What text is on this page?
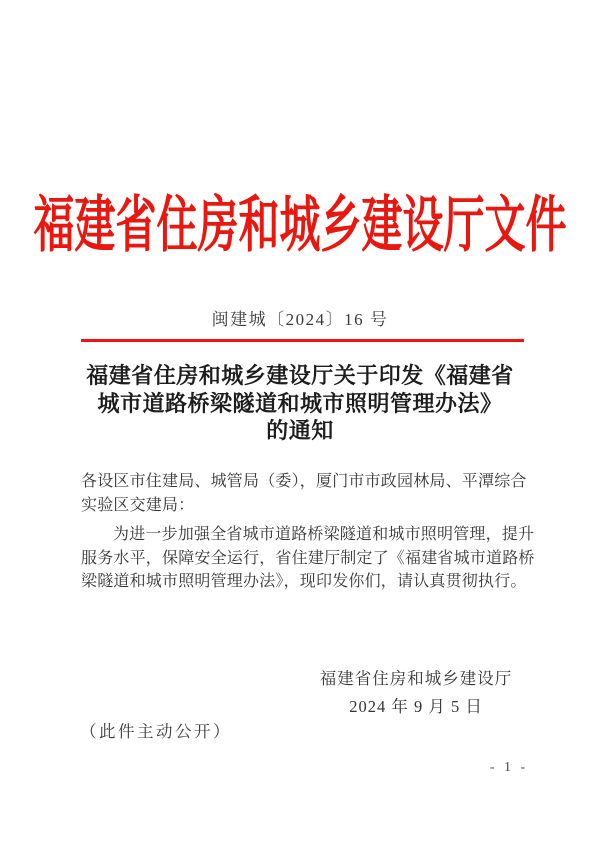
福建省住房和城乡建设厅文件
闽建城〔2024〕16 号
福建省住房和城乡建设厅关于印发《福建省
城市道路桥梁隧道和城市照明管理办法》
的通知
各设区市住建局、城管局（委），厦门市市政园林局、平潭综合
实验区交建局：
为进一步加强全省城市道路桥梁隧道和城市照明管理，提升
服务水平，保障安全运行，省住建厅制定了《福建省城市道路桥
梁隧道和城市照明管理办法》，现印发你们，请认真贯彻执行。
福建省住房和城乡建设厅
2024 年 9 月 5 日
（此件主动公开）
- 1 -
